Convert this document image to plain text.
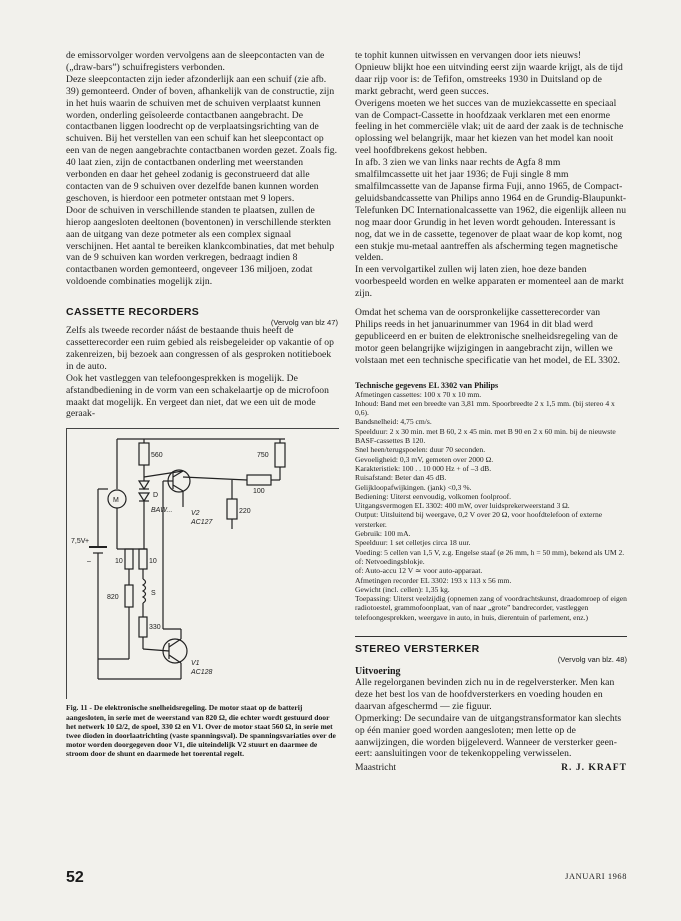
de emissorvolger worden vervolgens aan de sleepcontacten van de („draw-bars”) schuifregisters verbonden.

Deze sleepcontacten zijn ieder afzonderlijk aan een schuif (zie afb. 39) gemonteerd. Onder of boven, afhankelijk van de constructie, zijn in het huis waarin de schuiven met de schuiven verplaatst kunnen worden, onderling geïsoleerde contactbanen aangebracht. De contactbanen liggen loodrecht op de verplaatsingsrichting van de schuiven. Bij het verstellen van een schuif kan het sleepcontact op een van de negen aangebrachte contactbanen worden gezet. Zoals fig. 40 laat zien, zijn de contactbanen onderling met weerstanden verbonden en daar het geheel zodanig is geconstrueerd dat alle contacten van de 9 schuiven over dezelfde banen kunnen worden geschoven, is hierdoor een potmeter ontstaan met 9 lopers.

Door de schuiven in verschillende standen te plaatsen, zullen de hierop aangesloten deeltonen (boventonen) in verschillende sterkten aan de uitgang van deze potmeter als een complex signaal verschijnen. Het aantal te bereiken klankcombinaties, dat met behulp van de 9 schuiven kan worden verkregen, bedraagt indien 8 contactbanen worden gemonteerd, ongeveer 136 miljoen, zodat voldoende combinaties mogelijk zijn.

CASSETTE RECORDERS

(Vervolg van blz 47)

Zelfs als tweede recorder náást de bestaande thuis heeft de cassetterecorder een ruim gebied als reisbegeleider op vakantie of op zakenreizen, bij bezoek aan congressen of als gesproken notitieboek in de auto.

Ook het vastleggen van telefoongesprekken is mogelijk. De afstandbediening in de vorm van een schakelaartje op de microfoon maakt dat mogelijk. En vergeet dan niet, dat we een uit de mode geraak-

M
D
BAW...	V2
AC127
560	750
100
220
7,5V +
–	10	10
S
820
330
V1
AC128

Fig. 11 - De elektronische snelheidsregeling. De motor staat op de batterij aangesloten, in serie met de weerstand van 820 Ω, die echter wordt gestuurd door het netwerk 10 Ω/2, de spoel, 330 Ω en V1. Over de motor staat 560 Ω, in serie met twee dioden in doorlaatrichting (vaste spanningsval). De spanningsvariaties over de motor worden doorgegeven door V1, die uiteindelijk V2 stuurt en daarmee de stroom door de shunt en daarmede het toerental regelt.

te tophit kunnen uitwissen en vervangen door iets nieuws!

Opnieuw blijkt hoe een uitvinding eerst zijn waarde krijgt, als de tijd daar rijp voor is: de Tefifon, omstreeks 1930 in Duitsland op de markt gebracht, werd geen succes.

Overigens moeten we het succes van de muziekcassette en speciaal van de Compact-Cassette in hoofdzaak verklaren met een enorme feeling in het commerciële vlak; uit de aard der zaak is de technische oplossing wel belangrijk, maar het kiezen van het model kan nooit veel hoofdbrekens gekost hebben.

In afb. 3 zien we van links naar rechts de Agfa 8 mm smalfilmcassette uit het jaar 1936; de Fuji single 8 mm smalfilmcassette van de Japanse firma Fuji, anno 1965, de Compact-geluidsbandcassette van Philips anno 1964 en de Grundig-Blaupunkt-Telefunken DC Internationalcassette van 1962, die eigenlijk alleen nu nog maar door Grundig in het leven wordt gehouden. Interessant is nog, dat we in de cassette, tegenover de plaat waar de kop komt, nog een stukje mu-metaal aantreffen als afscherming tegen magnetische velden.

In een vervolgartikel zullen wij laten zien, hoe deze banden voorbespeeld worden en welke apparaten er momenteel aan de markt zijn.

Omdat het schema van de oorspronkelijke cassetterecorder van Philips reeds in het januarinummer van 1964 in dit blad werd gepubliceerd en er buiten de elektronische snelheidsregeling van de motor geen belangrijke wijzigingen in aangebracht zijn, willen we volstaan met een technische specificatie van het model, de EL 3302.

Technische gegevens EL 3302 van Philips

Afmetingen cassettes: 100 x 70 x 10 mm.
Inhoud: Band met een breedte van 3,81 mm. Spoorbreedte 2 x 1,5 mm. (bij stereo 4 x 0,6).
Bandsnelheid: 4,75 cm/s.
Speelduur: 2 x 30 min. met B 60, 2 x 45 min. met B 90 en 2 x 60 min. bij de nieuwste BASF-cassettes B 120.
Snel heen/terugspoelen: duur 70 seconden.
Gevoeligheid: 0,3 mV, gemeten over 2000 Ω.
Karakteristiek: 100 . . 10 000 Hz + of –3 dB.
Ruisafstand: Beter dan 45 dB.
Gelijkloopafwijkingen. (jank) <0,3 %.
Bediening: Uiterst eenvoudig, volkomen foolproof.
Uitgangsvermogen EL 3302: 400 mW, over luidsprekerweerstand 3 Ω.
Output: Uitsluitend bij weergave, 0,2 V over 20 Ω, voor hoofdtelefoon of externe versterker.
Gebruik: 100 mA.
Speelduur: 1 set celletjes circa 18 uur.
Voeding: 5 cellen van 1,5 V, z.g. Engelse staaf (ø 26 mm, h = 50 mm), bekend als UM 2.
of: Netvoedingsblokje.
of: Auto-accu 12 V ≃ voor auto-apparaat.
Afmetingen recorder EL 3302: 193 x 113 x 56 mm.
Gewicht (incl. cellen): 1,35 kg.
Toepassing: Uiterst veelzijdig (opnemen zang of voordrachtskunst, draadomroep of eigen radiotoestel, grammofoonplaat, van of naar „grote” bandrecorder, vastleggen telefoongesprekken, weergave in auto, in huis, dierentuin of parlement, enz.)

STEREO VERSTERKER

(Vervolg van blz. 48)

Uitvoering

Alle regelorganen bevinden zich nu in de regelversterker. Men kan deze het best los van de hoofdversterkers en voeding houden en daarvan afgeschermd — zie figuur.

Opmerking: De secundaire van de uitgangstransformator kan slechts op één manier goed worden aangesloten; men lette op de aanwijzingen, die worden bijgeleverd. Wanneer de versterker geen-eert: aansluitingen voor de tekenkoppeling verwisselen.

Maastricht	R. J. KRAFT
52	JANUARI 1968
